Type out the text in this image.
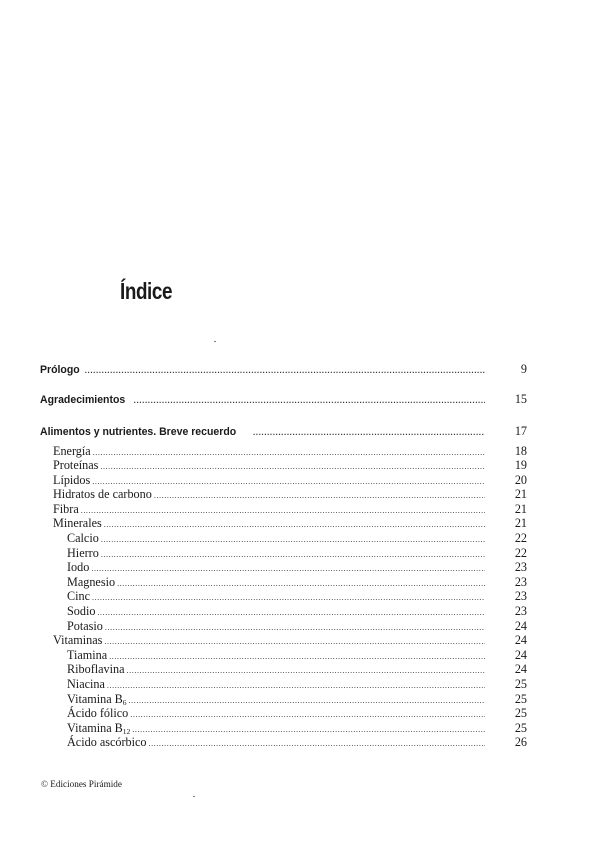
Índice
Prólogo .....	9
Agradecimientos .....	15
Alimentos y nutrientes. Breve recuerdo .....	17
Energía .....	18
Proteínas .....	19
Lípidos .....	20
Hidratos de carbono .....	21
Fibra .....	21
Minerales .....	21
Calcio .....	22
Hierro .....	22
Iodo .....	23
Magnesio .....	23
Cinc .....	23
Sodio .....	23
Potasio .....	24
Vitaminas .....	24
Tiamina .....	24
Riboflavina .....	24
Niacina .....	25
Vitamina $B_6$ .....	25
Ácido fólico .....	25
Vitamina $B_{12}$ .....	25
Ácido ascórbico .....	26
© Ediciones Pirámide
